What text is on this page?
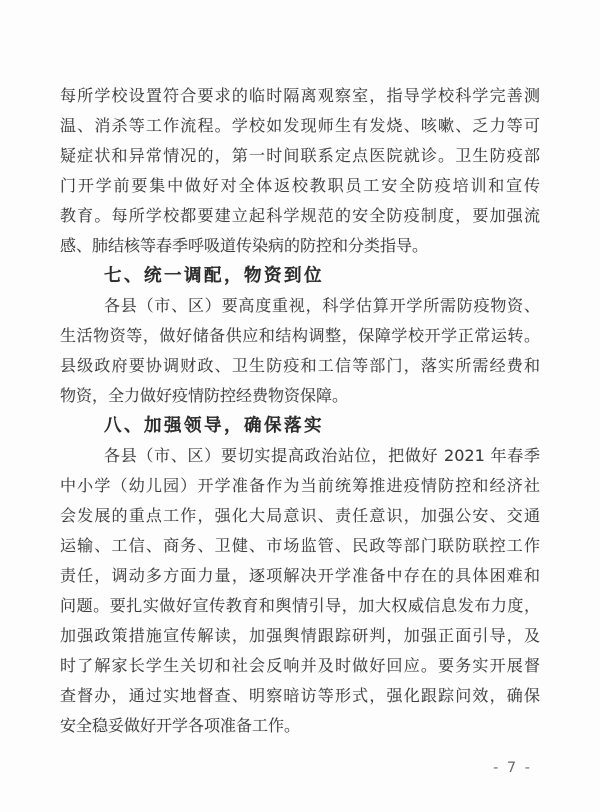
每所学校设置符合要求的临时隔离观察室，指导学校科学完善测
温、消杀等工作流程。学校如发现师生有发烧、咳嗽、乏力等可
疑症状和异常情况的，第一时间联系定点医院就诊。卫生防疫部
门开学前要集中做好对全体返校教职员工安全防疫培训和宣传
教育。每所学校都要建立起科学规范的安全防疫制度，要加强流
感、肺结核等春季呼吸道传染病的防控和分类指导。
七、统一调配，物资到位
各县（市、区）要高度重视，科学估算开学所需防疫物资、
生活物资等，做好储备供应和结构调整，保障学校开学正常运转。
县级政府要协调财政、卫生防疫和工信等部门，落实所需经费和
物资，全力做好疫情防控经费物资保障。
八、加强领导，确保落实
各县（市、区）要切实提高政治站位，把做好 2021 年春季
中小学（幼儿园）开学准备作为当前统筹推进疫情防控和经济社
会发展的重点工作，强化大局意识、责任意识，加强公安、交通
运输、工信、商务、卫健、市场监管、民政等部门联防联控工作
责任，调动多方面力量，逐项解决开学准备中存在的具体困难和
问题。要扎实做好宣传教育和舆情引导，加大权威信息发布力度，
加强政策措施宣传解读，加强舆情跟踪研判，加强正面引导，及
时了解家长学生关切和社会反响并及时做好回应。要务实开展督
查督办，通过实地督查、明察暗访等形式，强化跟踪问效，确保
安全稳妥做好开学各项准备工作。
- 7 -
